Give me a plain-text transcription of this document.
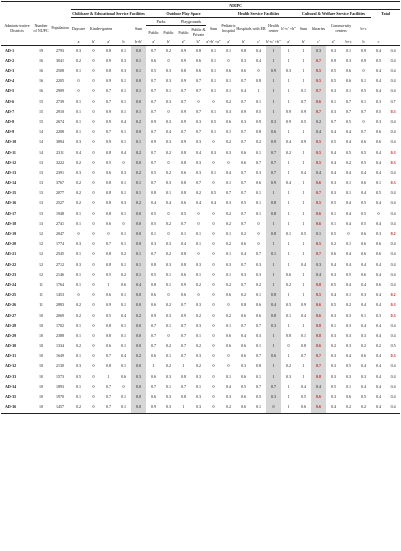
			NDIPC																						
			Childcare & Educational Service Facilities					Outdoor Play Space					Health Service Facilities					Cultural & Welfare Service Facilities					Total		
Adminis-trative Districts	Number of NUPC	Population	Daycare	Kinder-garten			Sum	Parks		Playgrounds		Sum	Pediatric hospital	Hospitals with ER		Health center	b'+c' +b''	Sum	libraries	Commu-nity centers		b+c			
								Public	Public	Public	Public & Private														
			a	b'	a'	b	b+b'	a'	b'	a"	b"	a'+b' +a"	a'	b'	c'	b'+c' +b"	a'	b'	c'	a"	b+c	b	c		
AD-1	19	2793	0.3	0	0.8	0.1	0.0	0.7	0.2	0.9	0.8	0.1	0.1	0.8	0.4	1	1	1	0.3	0.3	0.1	0.9	0.4	0.4	
AD-2	16	3041	0.2	0	0.9	0.3	0.1	0.6	0	0.9	0.6	0.1	0	0.3	0.4	1	1	1	0.7	0.9	0.3	0.9	0.5	0.4	
AD-3	16	2508	0.1	0	0.8	0.3	0.1	0.5	0.3	0.8	0.6	0.1	0.6	0.6	0	0.9	0.3	1	0.5	0.5	0.6	0	0.4	0.4	
AD-4	16	2205	0	0	0.9	0.1	0.0	0.7	0.3	0.9	0.7	0.1	0.1	0.7	0.8	1	1	1	0.5	0.5	0.6	0.1	0.4	0.4	
AD-5	16	2909	0	0	0.7	0.1	0.1	0.7	0.1	0.7	0.7	0.1	0.1	0.4	1	1	1	0.1	0.7	0.3	0.1	0.5	0.4	0.4	
AD-6	15	2739	0.1	0	0.7	0.1	0.0	0.7	0.3	0.7	0	0	0.2	0.7	0.1	1	1	0.7	0.6	0.1	0.7	0.1	0.3	0.7	
AD-7	15	2910	0.1	0	0.9	0.1	0.1	0.7	0	0.9	0.7	0.1	0.3	0.9	0.5	1	0.9	0.9	0.7	0.3	0.7	0.7	0.5	0.3	
AD-8	15	2674	0.1	0	0.9	0.4	0.2	0.9	0.3	0.9	0.3	0.5	0.6	0.3	0.9	0.3	0.9	0.5	0.2	0.7	0.5	0	0.3	0.4	
AD-9	14	2208	0.1	0	0.7	0.1	0.0	0.7	0.4	0.7	0.7	0.1	0.1	0.7	0.8	0.6	1	1	0.4	0.4	0.4	0.7	0.6	0.4	
AD-10	14	3894	0.3	0	0.9	0.1	0.1	0.9	0.3	0.9	0.3	0	0.2	0.7	0.2	0.9	0.4	0.9	0.5	0.5	0.4	0.6	0.6	0.4	
AD-11	14	2311	0.4	0	0.8	0.4	0.2	0.7	0.2	0.8	0.4	0.3	0.3	0.6	0.1	0.7	0.2	1	0.5	0.4	0.5	0.5	0.4	0.3	
AD-12	13	3222	0.2	0	0.5	0	0.0	0.7	0	0.8	0.3	0	0	0.6	0.7	0.7	1	1	0.5	0.4	0.2	0.5	0.4	0.3	
AD-13	13	2391	0.3	0	0.6	0.3	0.2	0.5	0.2	0.6	0.3	0.1	0.4	0.7	0.3	0.7	1	0.4	0.4	0.4	0.4	0.4	0.4	0.4	
AD-14	13	3767	0.2	0	0.8	0.1	0.1	0.7	0.3	0.8	0.7	0	0.1	0.7	0.6	0.9	0.4	1	0.6	0.3	0.1	0.6	0.1	0.3	
AD-15	13	2077	0.2	0	0.8	0.1	0.1	0.8	0.1	0.8	0.2	0.5	0.7	0.7	0.1	1	1	1	0.7	0.3	0.1	0.4	0.5	0.4	
AD-16	13	2527	0.2	0	0.8	0.3	0.2	0.4	0.4	0.6	0.4	0.4	0.3	0.5	0.1	0.8	1	1	0.5	0.5	0.4	0.5	0.4	0.4	
AD-17	13	1948	0.1	0	0.8	0.1	0.0	0.5	0	0.5	0	0	0.2	0.7	0.1	0.8	1	1	0.6	0.1	0.4	0.5	0	0.4	
AD-18	13	2741	0.1	0	0.6	0	0.0	0.5	0.2	0.7	0	0	0.2	0.7	0	1	1	1	0.6	0.1	0.4	0.5	0.4	0.4	
AD-19	12	2047	0	0	0	0.1	0.0	0.1	0	0.1	0.1	0	0.1	0.2	0	0.8	0.1	0.5	0.1	0.5	0	0.6	0.3	0.2	
AD-20	12	1774	0.3	0	0.7	0.1	0.0	0.3	0.3	0.4	0.1	0	0.2	0.6	0	1	1	1	0.5	0.2	0.1	0.6	0.6	0.4	
AD-21	12	2545	0.1	0	0.8	0.2	0.1	0.7	0.2	0.8	0	0	0.1	0.4	0.7	0.1	1	1	0.7	0.6	0.4	0.6	0.6	0.4	
AD-22	12	2712	0.3	0	0.8	0.1	0.1	0.8	0.3	0.8	0.3	0	0.3	0.7	0.3	1	1	0.4	0.3	0.4	0.4	0.4	0.4	0.4	
AD-23	12	2146	0.1	0	0.5	0.2	0.1	0.5	0.1	0.6	0.1	0	0.1	0.3	0.3	1	0.6	1	0.4	0.3	0.5	0.6	0.4	0.4	
AD-24	11	1764	0.1	0	1	0.6	0.4	0.8	0.1	0.9	0.2	0	0.2	0.7	0.2	1	0.2	1	0.8	0.5	0.4	0.4	0.6	0.4	
AD-25	11	1453	0	0	0.6	0.1	0.0	0.6	0	0.6	0	0	0.6	0.2	0.1	0.8	1	1	0.5	0.4	0.1	0.3	0.4	0.2	
AD-26	11	2883	0.2	0	0.9	0.1	0.0	0.6	0.2	0.7	0.3	0	0	0.8	0.6	0.4	0.5	0.9	0.6	0.5	0.2	0.4	0.4	0.3	
AD-27	10	2069	0.2	0	0.5	0.4	0.2	0.9	0.3	0.9	0.2	0	0.2	0.6	0.6	0.8	0.1	0.4	0.6	0.3	0.3	0.1	0.3	0.3	
AD-28	10	1702	0.1	0	0.8	0.1	0.0	0.7	0.1	0.7	0.3	0	0.1	0.7	0.7	0.3	1	1	0.8	0.1	0.3	0.4	0.4	0.4	
AD-29	10	2388	0.1	0	0.8	0.1	0.0	0.7	0	0.7	0.1	0	0.6	0.4	0.3	1	0.8	0.1	0.8	0.3	0.3	0.3	0.4	0.4	
AD-30	10	1334	0.2	0	0.6	0.1	0.0	0.7	0.2	0.7	0.2	0	0.6	0.6	0.1	1	0	0.8	0.6	0.2	0.3	0.2	0.2	0.5	
AD-31	10	1649	0.1	0	0.7	0.4	0.2	0.6	0.1	0.7	0.3	0	0	0.6	0.7	0.6	1	0.7	0.7	0.3	0.4	0.6	0.4	0.3	
AD-32	10	2130	0.3	0	0.8	0.1	0.0	1	0.2	1	0.2	0	0	0.3	0.8	1	0.2	1	0.7	0.3	0.5	0.4	0.4	0.4	
AD-33	10	1573	0.5	0	1	0.6	0.3	0.6	0.3	0.8	0.3	0	0.1	0.6	0.1	1	0.3	1	0.8	0.3	0.3	0.3	0.4	0.4	
AD-34	10	1893	0.1	0	0.7	0	0.0	0.7	0.1	0.7	0.1	0	0.4	0.5	0.7	0.7	1	0.4	0.4	0.5	0.1	0.4	0.4	0.4	
AD-35	10	1970	0.1	0	0.7	0.1	0.0	0.6	0.3	0.8	0.3	0	0.3	0.6	0.5	0.3	1	0.5	0.6	0.3	0.6	0.5	0.4	0.4	
AD-36	10	1457	0.2	0	0.7	0.1	0.0	0.9	0.3	1	0.3	0	0.2	0.6	0.1	0	1	0.6	0.6	0.4	0.2	0.2	0.4	0.4	
